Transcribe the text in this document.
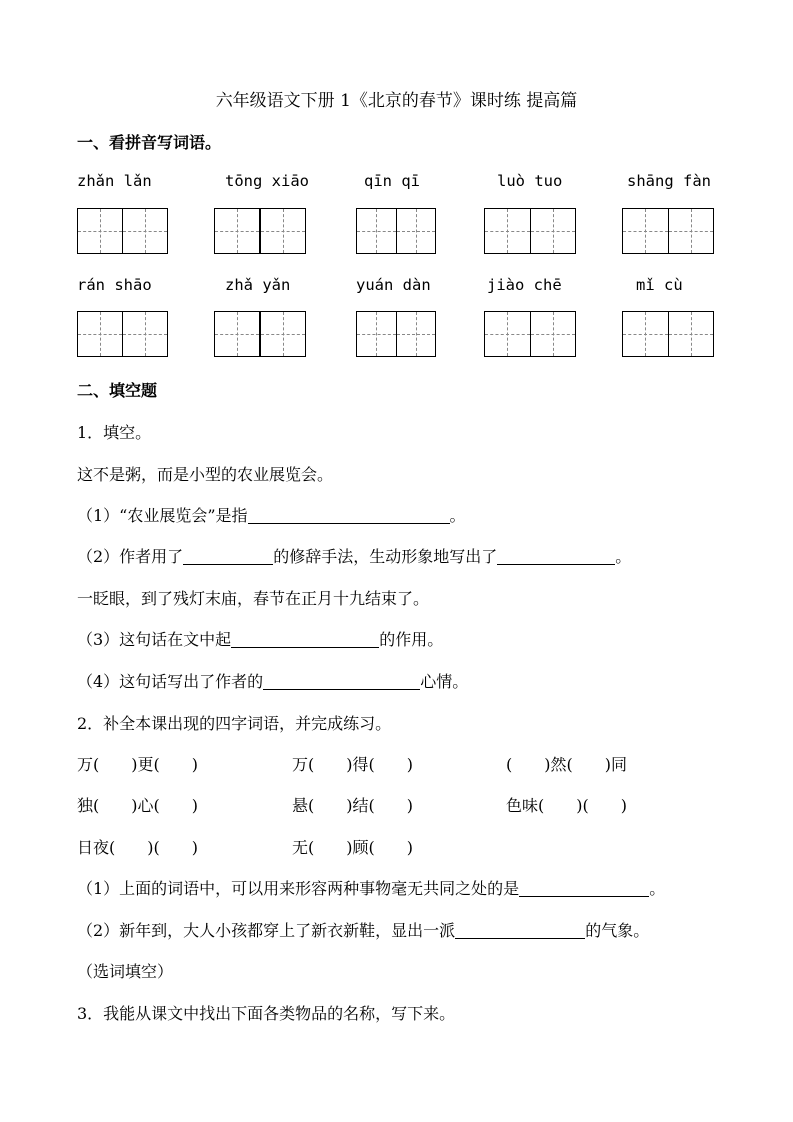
六年级语文下册 1《北京的春节》课时练 提高篇
一、看拼音写词语。
zhǎn lǎn	tōng xiāo	qīn qī	luò tuo	shāng fàn
rán shāo	zhǎ yǎn	yuán dàn	jiào chē	mǐ cù
二、填空题
1．填空。
这不是粥，而是小型的农业展览会。
（1）“农业展览会”是指	。
（2）作者用了	的修辞手法，生动形象地写出了	。
一眨眼，到了残灯末庙，春节在正月十九结束了。
（3）这句话在文中起	的作用。
（4）这句话写出了作者的	心情。
2．补全本课出现的四字词语，并完成练习。
万(　　)更(　　)	万(　　)得(　　)	(　　)然(　　)同
独(　　)心(　　)	悬(　　)结(　　)	色味(　　)(　　)
日夜(　　)(　　)	无(　　)顾(　　)
（1）上面的词语中，可以用来形容两种事物毫无共同之处的是	。
（2）新年到，大人小孩都穿上了新衣新鞋，显出一派	的气象。
（选词填空）
3．我能从课文中找出下面各类物品的名称，写下来。
